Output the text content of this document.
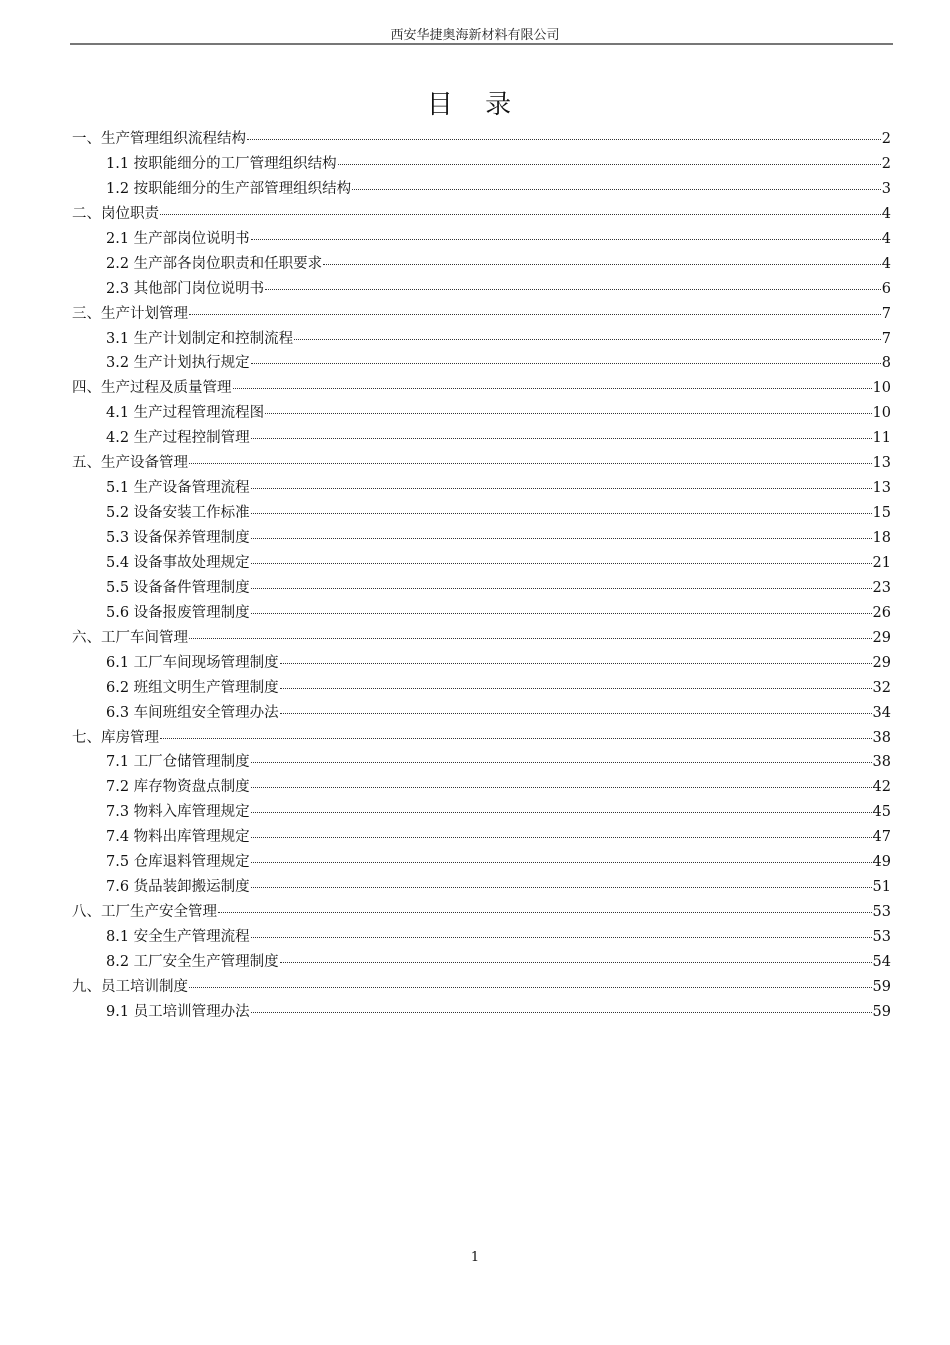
西安华捷奥海新材料有限公司
目 录
一、生产管理组织流程结构	2
1.1 按职能细分的工厂管理组织结构	2
1.2 按职能细分的生产部管理组织结构	3
二、岗位职责	4
2.1 生产部岗位说明书	4
2.2 生产部各岗位职责和任职要求	4
2.3 其他部门岗位说明书	6
三、生产计划管理	7
3.1 生产计划制定和控制流程	7
3.2 生产计划执行规定	8
四、生产过程及质量管理	10
4.1 生产过程管理流程图	10
4.2 生产过程控制管理	11
五、生产设备管理	13
5.1 生产设备管理流程	13
5.2 设备安装工作标准	15
5.3 设备保养管理制度	18
5.4 设备事故处理规定	21
5.5 设备备件管理制度	23
5.6 设备报废管理制度	26
六、工厂车间管理	29
6.1 工厂车间现场管理制度	29
6.2 班组文明生产管理制度	32
6.3 车间班组安全管理办法	34
七、库房管理	38
7.1 工厂仓储管理制度	38
7.2 库存物资盘点制度	42
7.3 物料入库管理规定	45
7.4 物料出库管理规定	47
7.5 仓库退料管理规定	49
7.6 货品装卸搬运制度	51
八、工厂生产安全管理	53
8.1 安全生产管理流程	53
8.2 工厂安全生产管理制度	54
九、员工培训制度	59
9.1 员工培训管理办法	59
1
